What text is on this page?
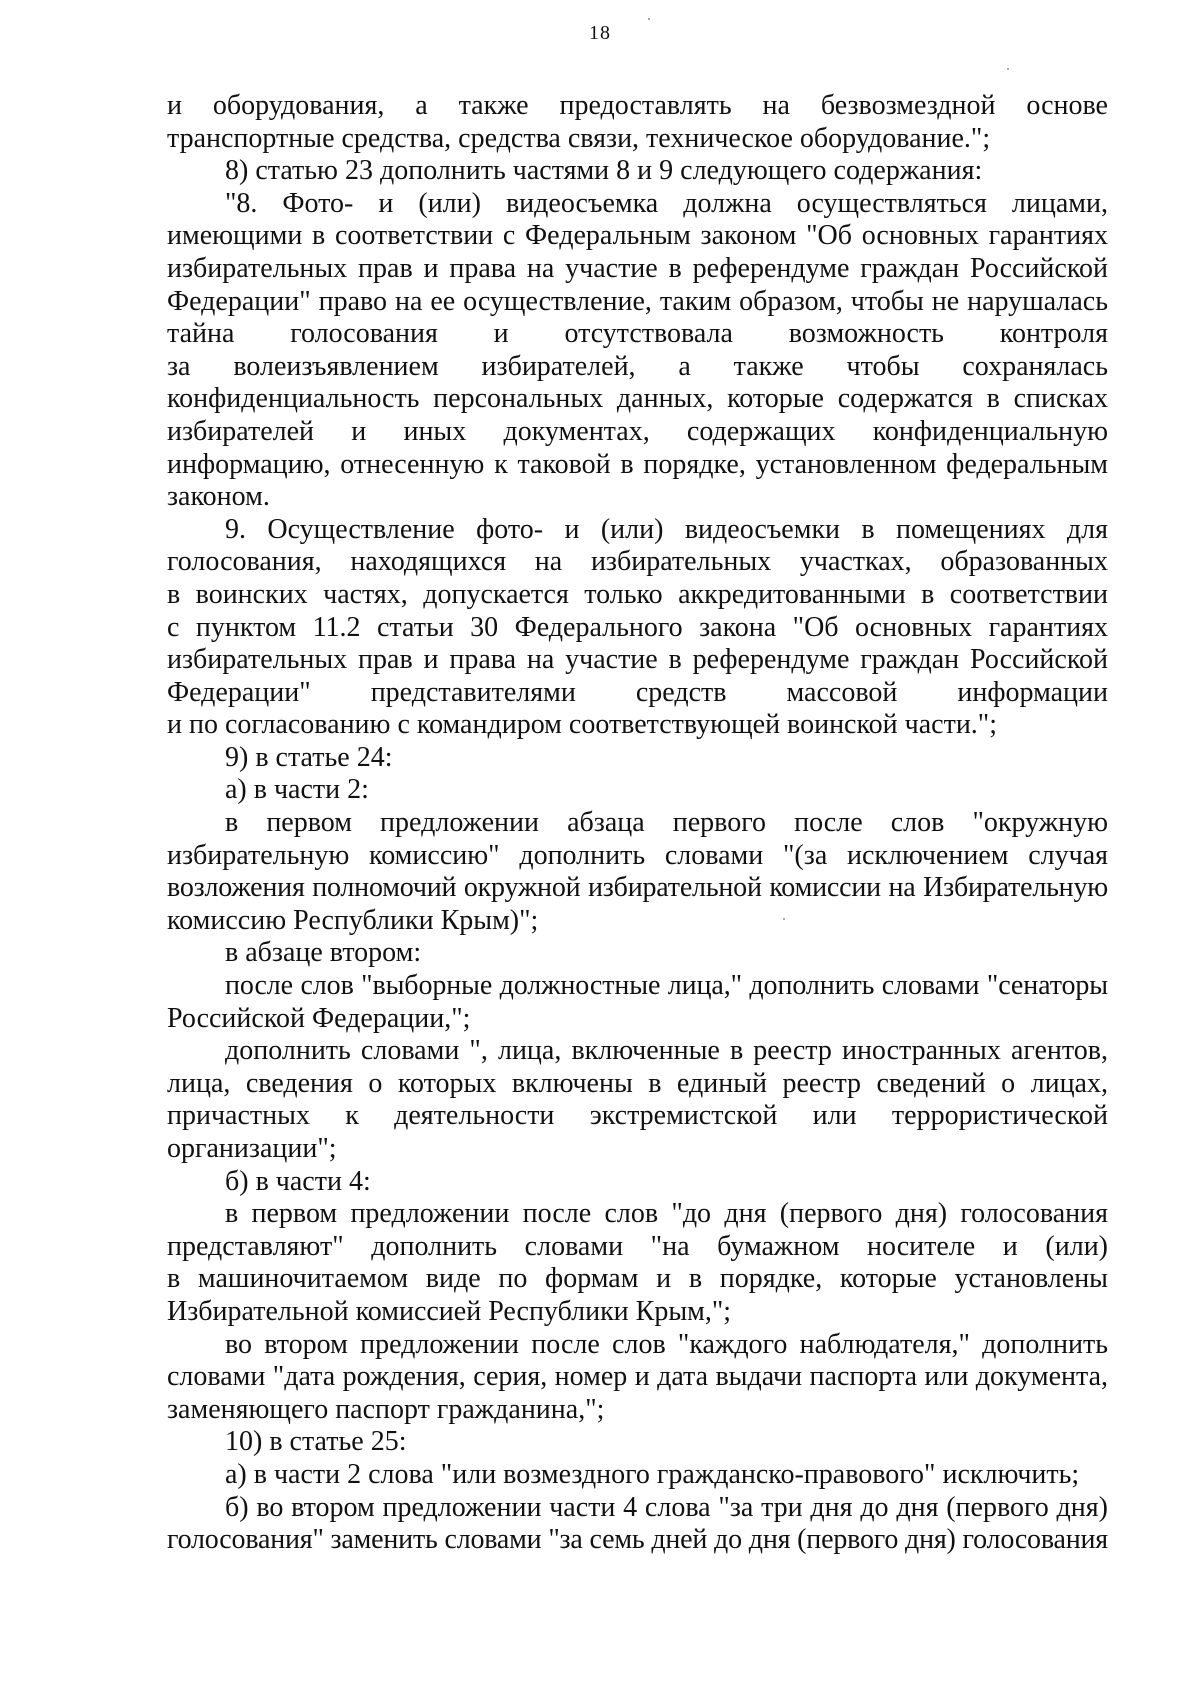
18
и оборудования, а также предоставлять на безвозмездной основе
транспортные средства, средства связи, техническое оборудование.";
8) статью 23 дополнить частями 8 и 9 следующего содержания:
"8. Фото- и (или) видеосъемка должна осуществляться лицами,
имеющими в соответствии с Федеральным законом "Об основных гарантиях
избирательных прав и права на участие в референдуме граждан Российской
Федерации" право на ее осуществление, таким образом, чтобы не нарушалась
тайна голосования и отсутствовала возможность контроля
за волеизъявлением избирателей, а также чтобы сохранялась
конфиденциальность персональных данных, которые содержатся в списках
избирателей и иных документах, содержащих конфиденциальную
информацию, отнесенную к таковой в порядке, установленном федеральным
законом.
9. Осуществление фото- и (или) видеосъемки в помещениях для
голосования, находящихся на избирательных участках, образованных
в воинских частях, допускается только аккредитованными в соответствии
с пунктом 11.2 статьи 30 Федерального закона "Об основных гарантиях
избирательных прав и права на участие в референдуме граждан Российской
Федерации" представителями средств массовой информации
и по согласованию с командиром соответствующей воинской части.";
9) в статье 24:
а) в части 2:
в первом предложении абзаца первого после слов "окружную
избирательную комиссию" дополнить словами "(за исключением случая
возложения полномочий окружной избирательной комиссии на Избирательную
комиссию Республики Крым)";
в абзаце втором:
после слов "выборные должностные лица," дополнить словами "сенаторы
Российской Федерации,";
дополнить словами ", лица, включенные в реестр иностранных агентов,
лица, сведения о которых включены в единый реестр сведений о лицах,
причастных к деятельности экстремистской или террористической
организации";
б) в части 4:
в первом предложении после слов "до дня (первого дня) голосования
представляют" дополнить словами "на бумажном носителе и (или)
в машиночитаемом виде по формам и в порядке, которые установлены
Избирательной комиссией Республики Крым,";
во втором предложении после слов "каждого наблюдателя," дополнить
словами "дата рождения, серия, номер и дата выдачи паспорта или документа,
заменяющего паспорт гражданина,";
10) в статье 25:
а) в части 2 слова "или возмездного гражданско-правового" исключить;
б) во втором предложении части 4 слова "за три дня до дня (первого дня)
голосования" заменить словами "за семь дней до дня (первого дня) голосования
